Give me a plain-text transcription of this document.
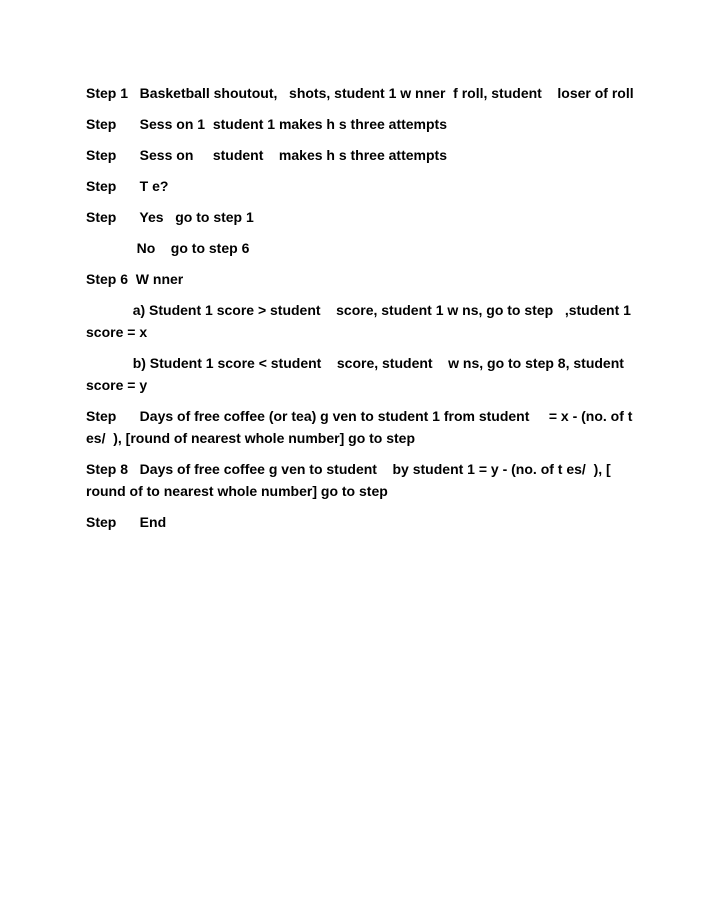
Step 1   Basketball shoutout,   shots, student 1 w nner  f roll, student    loser of roll

Step      Sess on 1  student 1 makes h s three attempts

Step      Sess on     student    makes h s three attempts

Step      T e?

Step      Yes   go to step 1

No    go to step 6

Step 6  W nner

a) Student 1 score > student    score, student 1 w ns, go to step   ,student 1 score = x

b) Student 1 score < student    score, student    w ns, go to step 8, student    score = y

Step      Days of free coffee (or tea) g ven to student 1 from student     = x - (no. of t es/  ), [round of nearest whole number] go to step

Step 8   Days of free coffee g ven to student    by student 1 = y - (no. of t es/  ), [ round of to nearest whole number] go to step

Step      End
